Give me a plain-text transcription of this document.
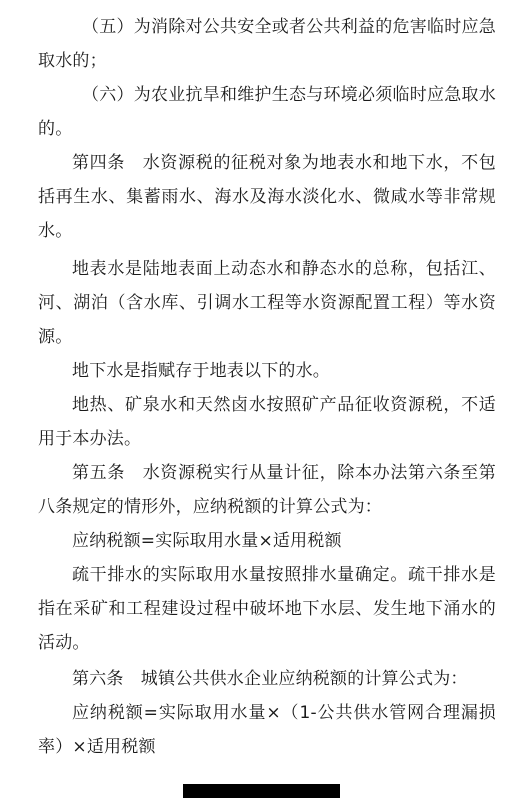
（五）为消除对公共安全或者公共利益的危害临时应急取水的；

（六）为农业抗旱和维护生态与环境必须临时应急取水的。

第四条　水资源税的征税对象为地表水和地下水，不包括再生水、集蓄雨水、海水及海水淡化水、微咸水等非常规水。

地表水是陆地表面上动态水和静态水的总称，包括江、河、湖泊（含水库、引调水工程等水资源配置工程）等水资源。

地下水是指赋存于地表以下的水。

地热、矿泉水和天然卤水按照矿产品征收资源税，不适用于本办法。

第五条　水资源税实行从量计征，除本办法第六条至第八条规定的情形外，应纳税额的计算公式为：

应纳税额=实际取用水量×适用税额

疏干排水的实际取用水量按照排水量确定。疏干排水是指在采矿和工程建设过程中破坏地下水层、发生地下涌水的活动。

第六条　城镇公共供水企业应纳税额的计算公式为：

应纳税额=实际取用水量×（1-公共供水管网合理漏损率）×适用税额
